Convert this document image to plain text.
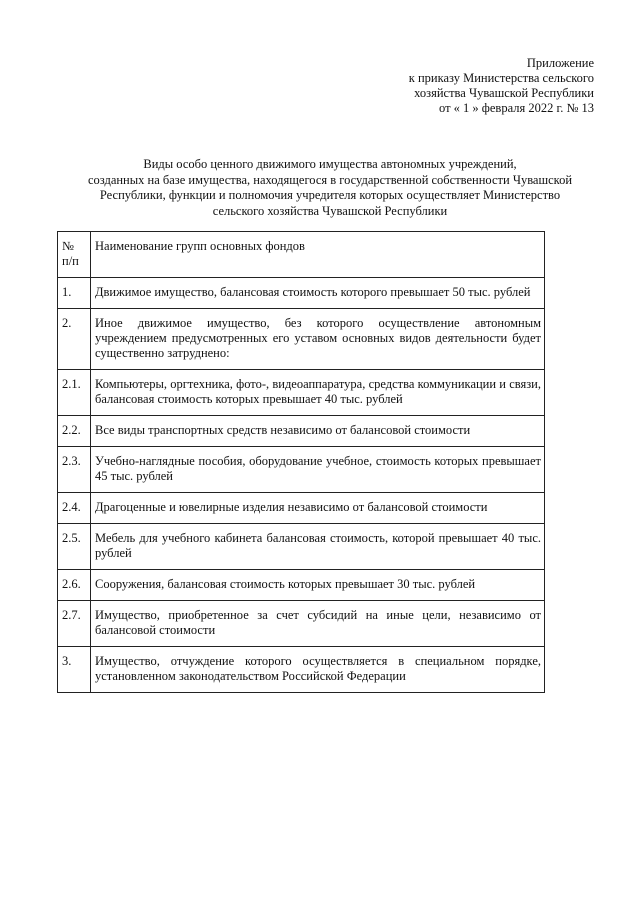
Приложение
к приказу Министерства сельского
хозяйства Чувашской Республики
от « 1 » февраля 2022 г. № 13
Виды особо ценного движимого имущества автономных учреждений,
созданных на базе имущества, находящегося в государственной собственности Чувашской
Республики, функции и полномочия учредителя которых осуществляет Министерство
сельского хозяйства Чувашской Республики
№ п/п	Наименование групп основных фондов
1.	Движимое имущество, балансовая стоимость которого превышает 50 тыс. рублей
2.	Иное движимое имущество, без которого осуществление автономным учреждением предусмотренных его уставом основных видов деятельности будет существенно затруднено:
2.1.	Компьютеры, оргтехника, фото-, видеоаппаратура, средства коммуникации и связи, балансовая стоимость которых превышает 40 тыс. рублей
2.2.	Все виды транспортных средств независимо от балансовой стоимости
2.3.	Учебно-наглядные пособия, оборудование учебное, стоимость которых превышает 45 тыс. рублей
2.4.	Драгоценные и ювелирные изделия независимо от балансовой стоимости
2.5.	Мебель для учебного кабинета балансовая стоимость, которой превышает 40 тыс. рублей
2.6.	Сооружения, балансовая стоимость которых превышает 30 тыс. рублей
2.7.	Имущество, приобретенное за счет субсидий на иные цели, независимо от балансовой стоимости
3.	Имущество, отчуждение которого осуществляется в специальном порядке, установленном законодательством Российской Федерации
